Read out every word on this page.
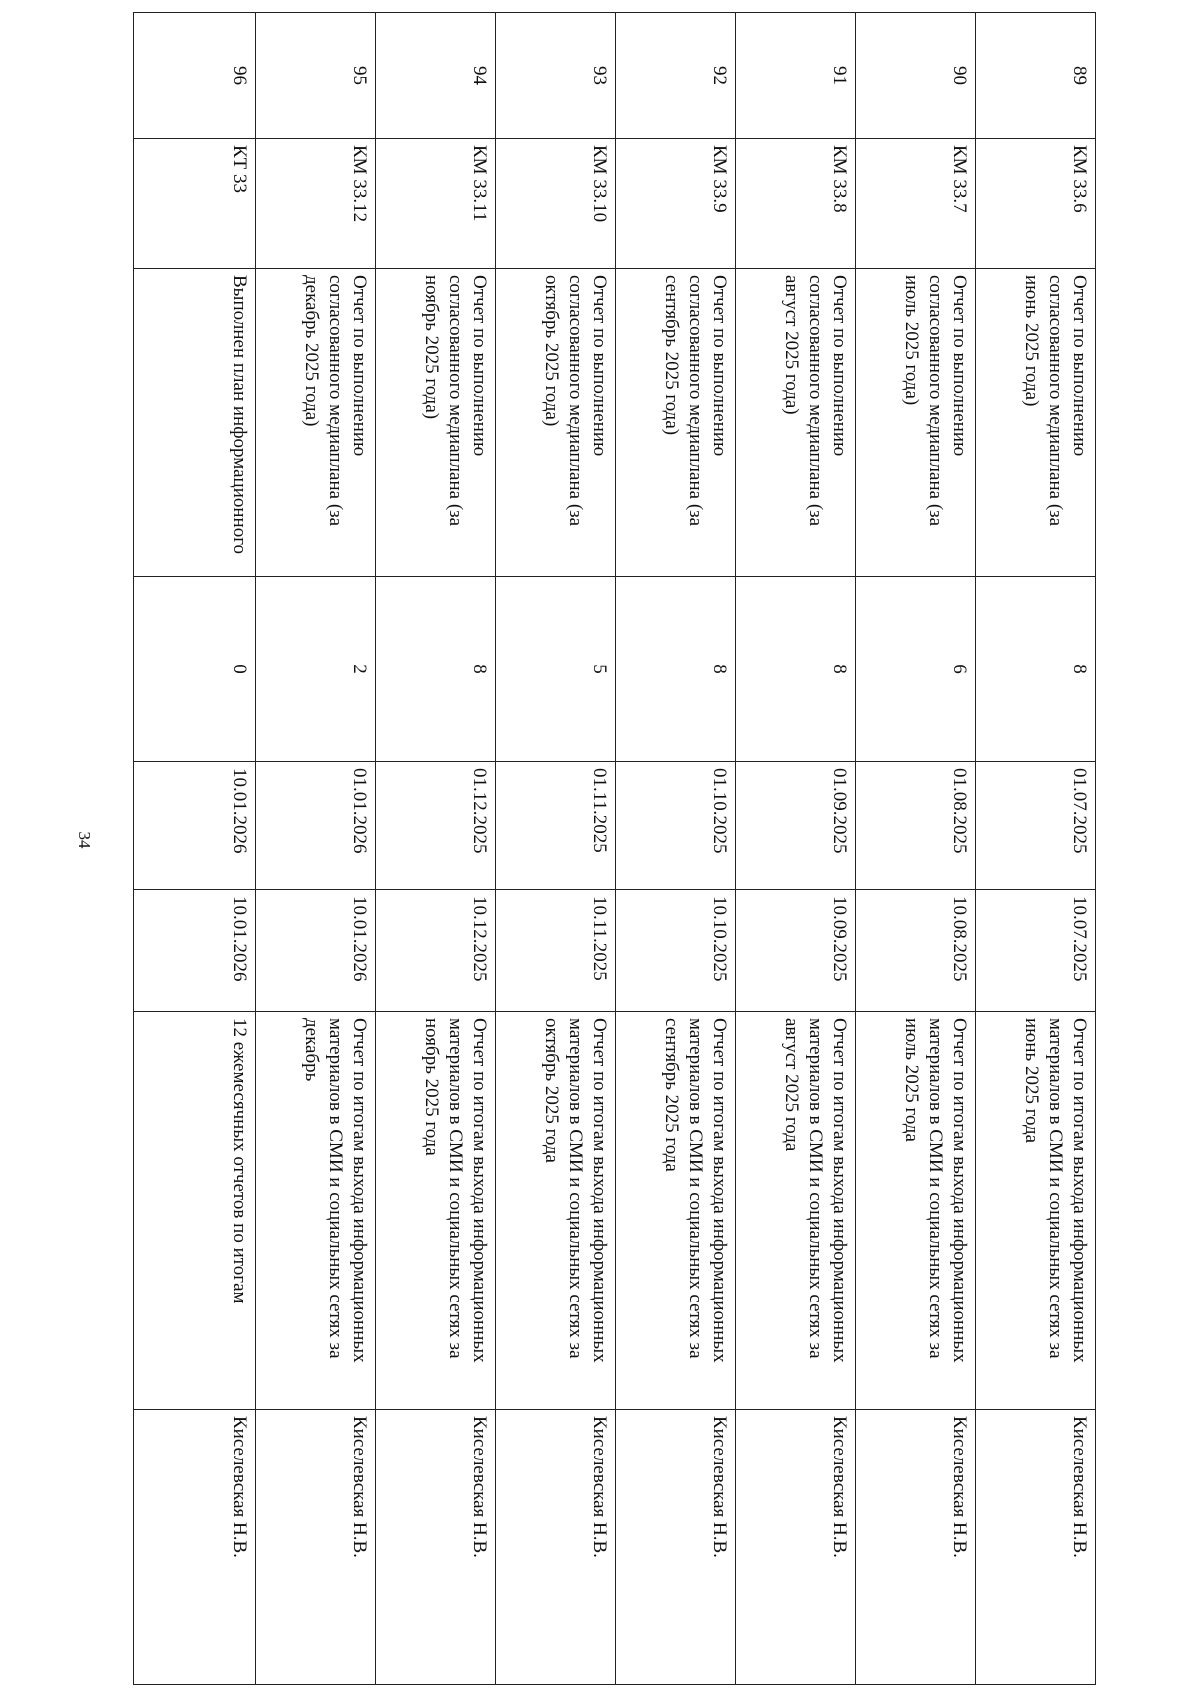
34
89	КМ 33.6	Отчет по выполнению согласованного медиаплана (за июнь 2025 года)	8	01.07.2025	10.07.2025	Отчет по итогам выхода информационных материалов в СМИ и социальных сетях за июнь 2025 года	Киселевская Н.В.
90	КМ 33.7	Отчет по выполнению согласованного медиаплана (за июль 2025 года)	6	01.08.2025	10.08.2025	Отчет по итогам выхода информационных материалов в СМИ и социальных сетях за июль 2025 года	Киселевская Н.В.
91	КМ 33.8	Отчет по выполнению согласованного медиаплана (за август 2025 года)	8	01.09.2025	10.09.2025	Отчет по итогам выхода информационных материалов в СМИ и социальных сетях за август 2025 года	Киселевская Н.В.
92	КМ 33.9	Отчет по выполнению согласованного медиаплана (за сентябрь 2025 года)	8	01.10.2025	10.10.2025	Отчет по итогам выхода информационных материалов в СМИ и социальных сетях за сентябрь 2025 года	Киселевская Н.В.
93	КМ 33.10	Отчет по выполнению согласованного медиаплана (за октябрь 2025 года)	5	01.11.2025	10.11.2025	Отчет по итогам выхода информационных материалов в СМИ и социальных сетях за октябрь 2025 года	Киселевская Н.В.
94	КМ 33.11	Отчет по выполнению согласованного медиаплана (за ноябрь 2025 года)	8	01.12.2025	10.12.2025	Отчет по итогам выхода информационных материалов в СМИ и социальных сетях за ноябрь 2025 года	Киселевская Н.В.
95	КМ 33.12	Отчет по выполнению согласованного медиаплана (за декабрь 2025 года)	2	01.01.2026	10.01.2026	Отчет по итогам выхода информационных материалов в СМИ и социальных сетях за декабрь	Киселевская Н.В.
96	КТ 33	Выполнен план информационного	0	10.01.2026	10.01.2026	12 ежемесячных отчетов по итогам	Киселевская Н.В.
